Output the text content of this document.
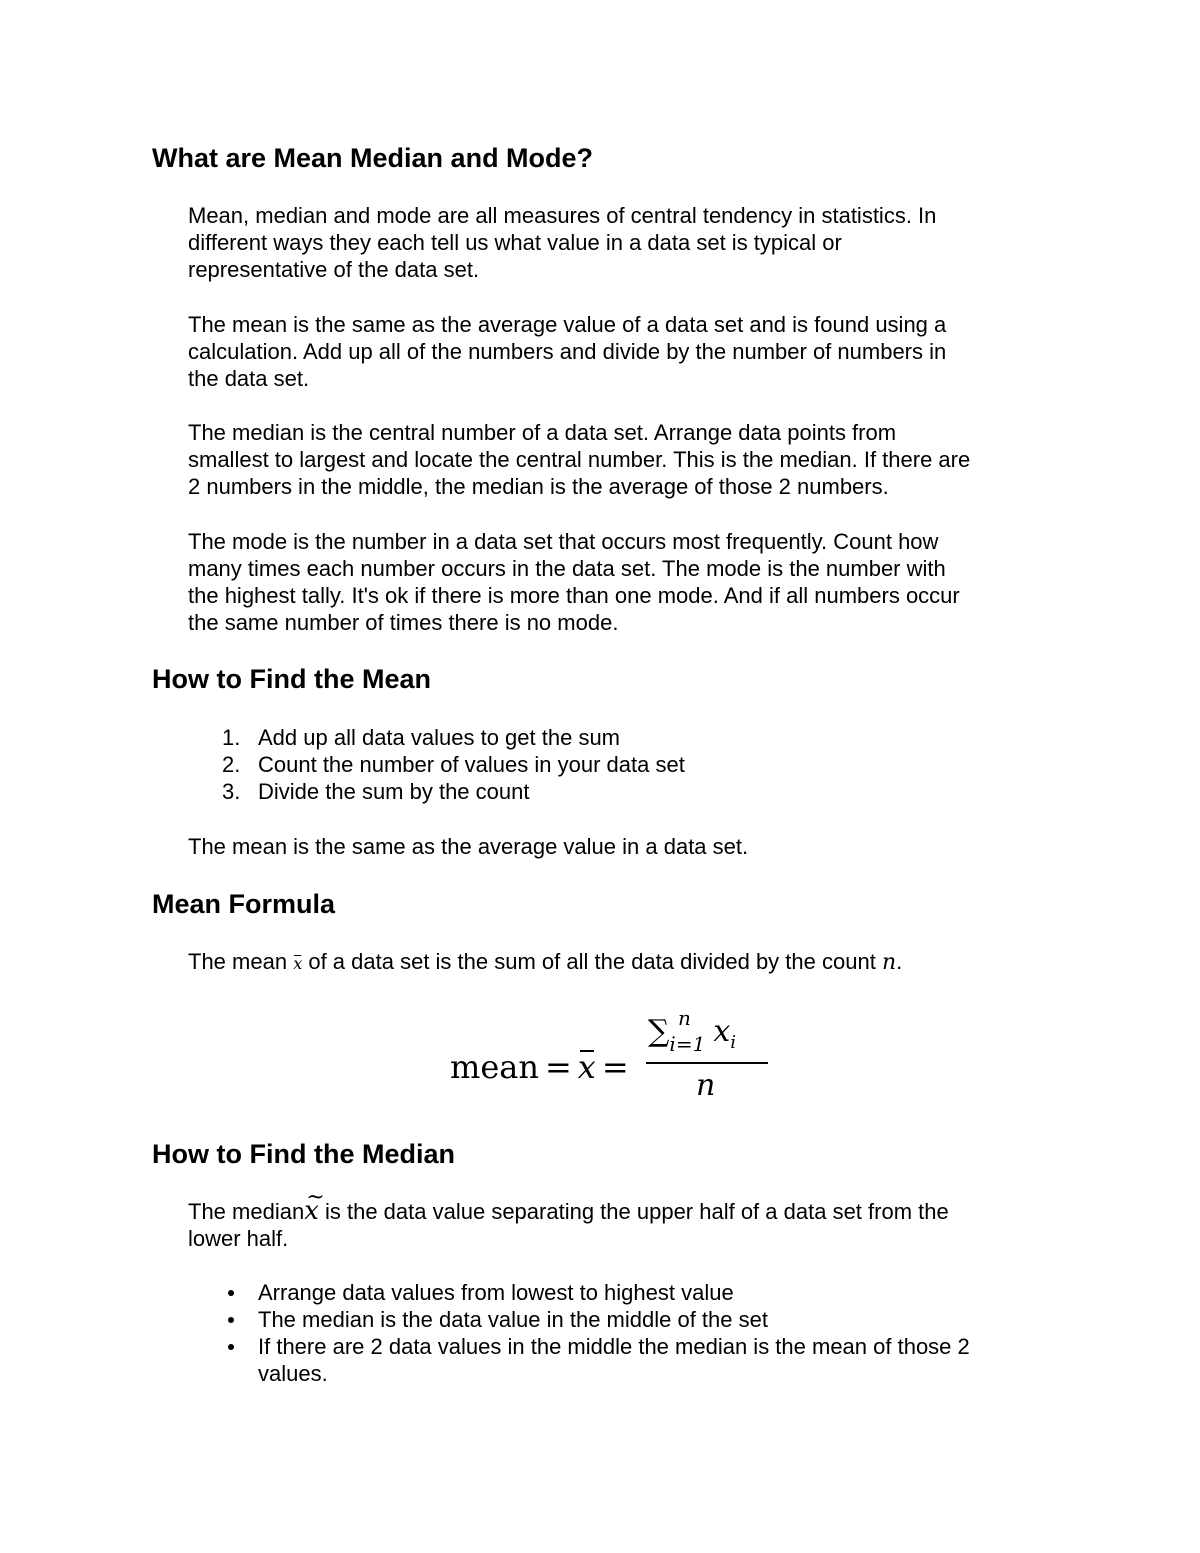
What are Mean Median and Mode?
Mean, median and mode are all measures of central tendency in statistics. In
different ways they each tell us what value in a data set is typical or
representative of the data set.
The mean is the same as the average value of a data set and is found using a
calculation. Add up all of the numbers and divide by the number of numbers in
the data set.
The median is the central number of a data set. Arrange data points from
smallest to largest and locate the central number. This is the median. If there are
2 numbers in the middle, the median is the average of those 2 numbers.
The mode is the number in a data set that occurs most frequently. Count how
many times each number occurs in the data set. The mode is the number with
the highest tally. It's ok if there is more than one mode. And if all numbers occur
the same number of times there is no mode.
How to Find the Mean
1. Add up all data values to get the sum
2. Count the number of values in your data set
3. Divide the sum by the count
The mean is the same as the average value in a data set.
Mean Formula
The mean x of a data set is the sum of all the data divided by the count n.
mean = x =
∑ n
$_{i=1}$ $x_i$
n
How to Find the Median
The median~ x is the data value separating the upper half of a data set from the
lower half.
Arrange data values from lowest to highest value
The median is the data value in the middle of the set
If there are 2 data values in the middle the median is the mean of those 2
values.
